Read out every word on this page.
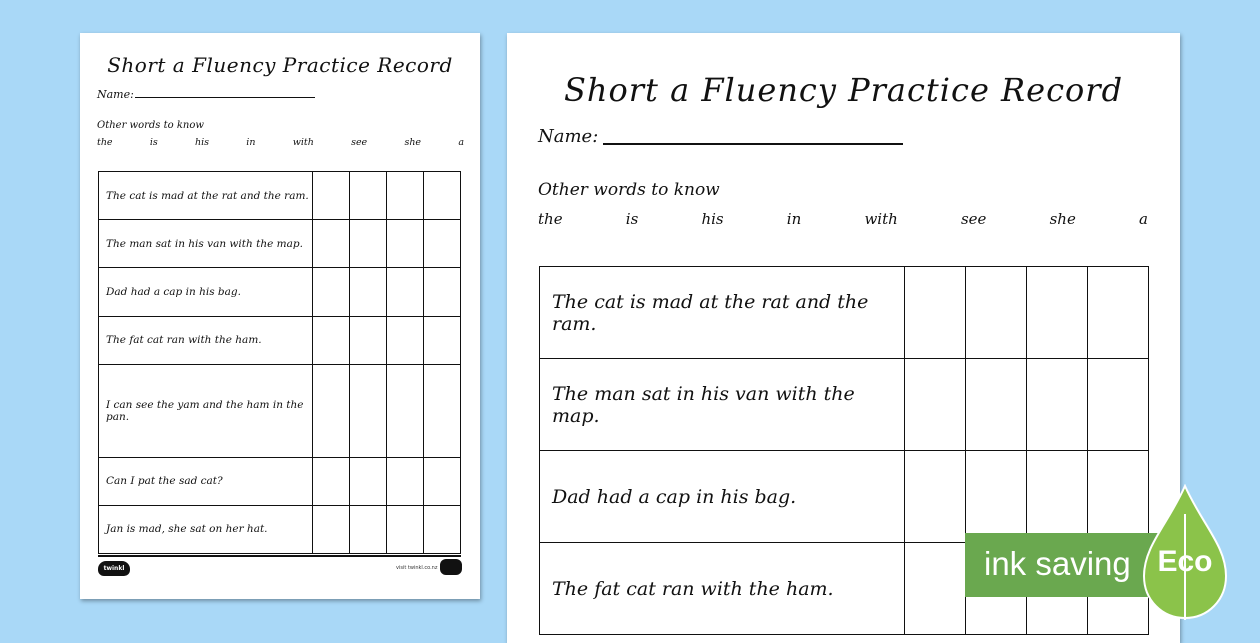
Short a Fluency Practice Record
Name:
Other words to know
the	is	his	in	with	see	she	a
The cat is mad at the rat and the ram.				
The man sat in his van with the map.				
Dad had a cap in his bag.				
The fat cat ran with the ham.				
I can see the yam and the ham in the pan.				
Can I pat the sad cat?				
Jan is mad, she sat on her hat.				
twinkl	visit twinkl.co.nz
Short a Fluency Practice Record
Name:
Other words to know
the	is	his	in	with	see	she	a
The cat is mad at the rat and the ram.				
The man sat in his van with the map.				
Dad had a cap in his bag.				
The fat cat ran with the ham.				
ink saving Eco
